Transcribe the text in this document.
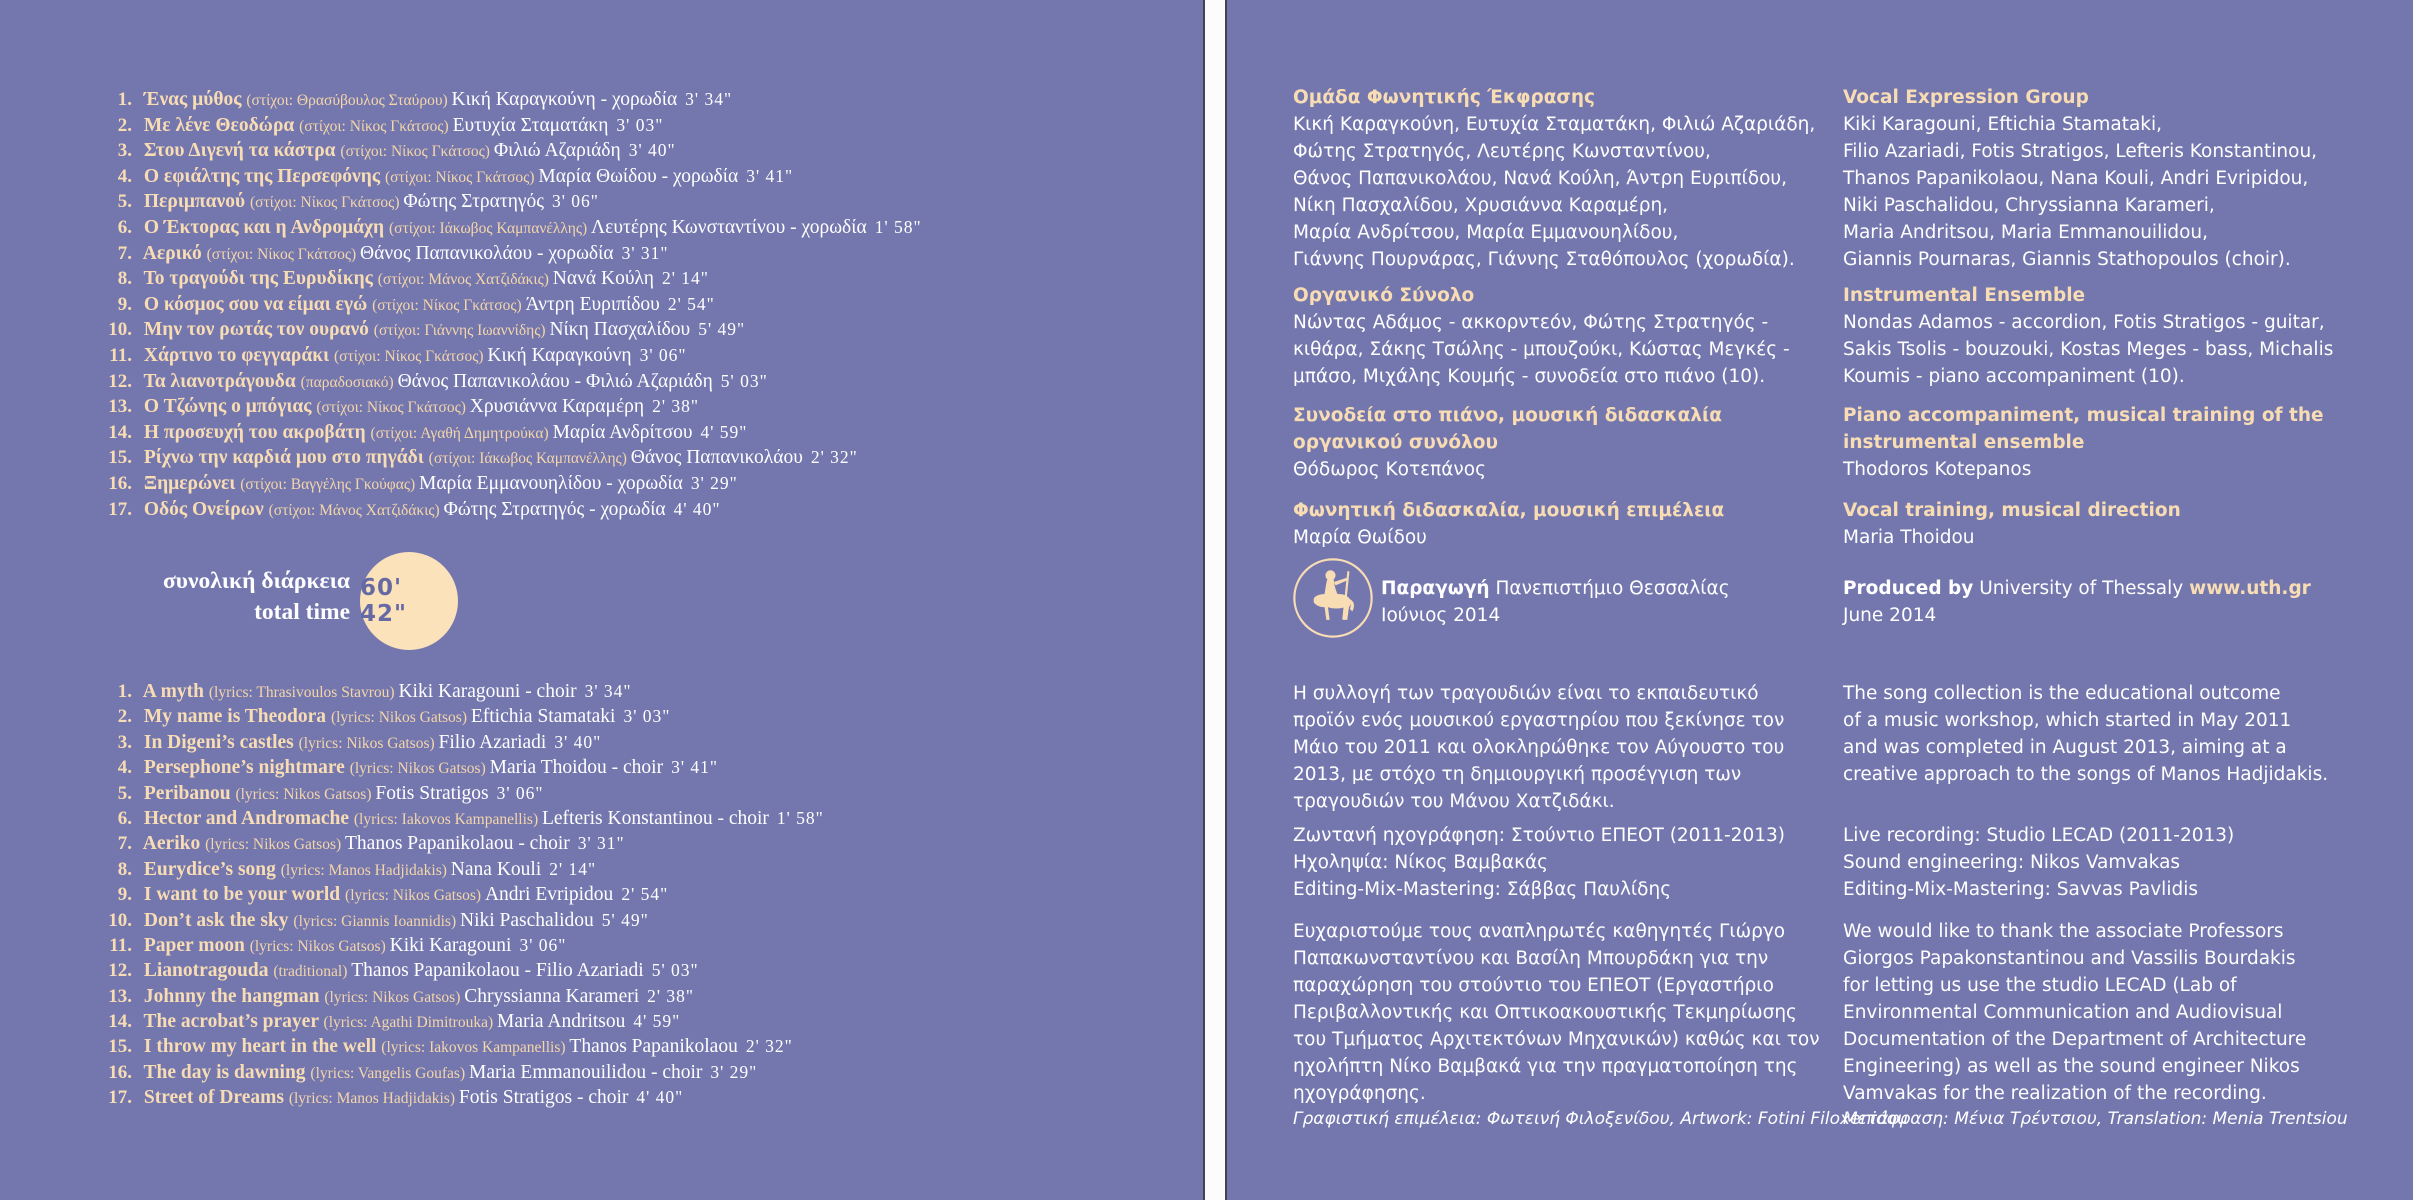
1. Ένας μύθος (στίχοι: Θρασύβουλος Σταύρου) Κική Καραγκούνη - χορωδία 3' 34"
2. Με λένε Θεοδώρα (στίχοι: Νίκος Γκάτσος) Ευτυχία Σταματάκη 3' 03"
3. Στου Διγενή τα κάστρα (στίχοι: Νίκος Γκάτσος) Φιλιώ Αζαριάδη 3' 40"
4. Ο εφιάλτης της Περσεφόνης (στίχοι: Νίκος Γκάτσος) Μαρία Θωίδου - χορωδία 3' 41"
5. Περιμπανού (στίχοι: Νίκος Γκάτσος) Φώτης Στρατηγός 3' 06"
6. Ο Έκτορας και η Ανδρομάχη (στίχοι: Ιάκωβος Καμπανέλλης) Λευτέρης Κωνσταντίνου - χορωδία 1' 58"
7. Αερικό (στίχοι: Νίκος Γκάτσος) Θάνος Παπανικολάου - χορωδία 3' 31"
8. Το τραγούδι της Ευρυδίκης (στίχοι: Μάνος Χατζιδάκις) Νανά Κούλη 2' 14"
9. Ο κόσμος σου να είμαι εγώ (στίχοι: Νίκος Γκάτσος) Άντρη Ευριπίδου 2' 54"
10. Μην τον ρωτάς τον ουρανό (στίχοι: Γιάννης Ιωαννίδης) Νίκη Πασχαλίδου 5' 49"
11. Χάρτινο το φεγγαράκι (στίχοι: Νίκος Γκάτσος) Κική Καραγκούνη 3' 06"
12. Τα λιανοτράγουδα (παραδοσιακό) Θάνος Παπανικολάου - Φιλιώ Αζαριάδη 5' 03"
13. Ο Τζώνης ο μπόγιας (στίχοι: Νίκος Γκάτσος) Χρυσιάννα Καραμέρη 2' 38"
14. Η προσευχή του ακροβάτη (στίχοι: Αγαθή Δημητρούκα) Μαρία Ανδρίτσου 4' 59"
15. Ρίχνω την καρδιά μου στο πηγάδι (στίχοι: Ιάκωβος Καμπανέλλης) Θάνος Παπανικολάου 2' 32"
16. Ξημερώνει (στίχοι: Βαγγέλης Γκούφας) Μαρία Εμμανουηλίδου - χορωδία 3' 29"
17. Οδός Ονείρων (στίχοι: Μάνος Χατζιδάκις) Φώτης Στρατηγός - χορωδία 4' 40"
συνολική διάρκεια
total time
60' 42"
1. A myth (lyrics: Thrasivoulos Stavrou) Kiki Karagouni - choir 3' 34"
2. My name is Theodora (lyrics: Nikos Gatsos) Eftichia Stamataki 3' 03"
3. In Digeni’s castles (lyrics: Nikos Gatsos) Filio Azariadi 3' 40"
4. Persephone’s nightmare (lyrics: Nikos Gatsos) Maria Thoidou - choir 3' 41"
5. Peribanou (lyrics: Nikos Gatsos) Fotis Stratigos 3' 06"
6. Hector and Andromache (lyrics: Iakovos Kampanellis) Lefteris Konstantinou - choir 1' 58"
7. Aeriko (lyrics: Nikos Gatsos) Thanos Papanikolaou - choir 3' 31"
8. Eurydice’s song (lyrics: Manos Hadjidakis) Nana Kouli 2' 14"
9. I want to be your world (lyrics: Nikos Gatsos) Andri Evripidou 2' 54"
10. Don’t ask the sky (lyrics: Giannis Ioannidis) Niki Paschalidou 5' 49"
11. Paper moon (lyrics: Nikos Gatsos) Kiki Karagouni 3' 06"
12. Lianotragouda (traditional) Thanos Papanikolaou - Filio Azariadi 5' 03"
13. Johnny the hangman (lyrics: Nikos Gatsos) Chryssianna Karameri 2' 38"
14. The acrobat’s prayer (lyrics: Agathi Dimitrouka) Maria Andritsou 4' 59"
15. I throw my heart in the well (lyrics: Iakovos Kampanellis) Thanos Papanikolaou 2' 32"
16. The day is dawning (lyrics: Vangelis Goufas) Maria Emmanouilidou - choir 3' 29"
17. Street of Dreams (lyrics: Manos Hadjidakis) Fotis Stratigos - choir 4' 40"
Ομάδα Φωνητικής Έκφρασης
Κική Καραγκούνη, Ευτυχία Σταματάκη, Φιλιώ Αζαριάδη,
Φώτης Στρατηγός, Λευτέρης Κωνσταντίνου,
Θάνος Παπανικολάου, Νανά Κούλη, Άντρη Ευριπίδου,
Νίκη Πασχαλίδου, Χρυσιάννα Καραμέρη,
Μαρία Ανδρίτσου, Μαρία Εμμανουηλίδου,
Γιάννης Πουρνάρας, Γιάννης Σταθόπουλος (χορωδία).
Οργανικό Σύνολο
Νώντας Αδάμος - ακκορντεόν, Φώτης Στρατηγός -
κιθάρα, Σάκης Τσώλης - μπουζούκι, Κώστας Μεγκές -
μπάσο, Μιχάλης Κουμής - συνοδεία στο πιάνο (10).
Συνοδεία στο πιάνο, μουσική διδασκαλία
οργανικού συνόλου
Θόδωρος Κοτεπάνος
Φωνητική διδασκαλία, μουσική επιμέλεια
Μαρία Θωίδου
Παραγωγή Πανεπιστήμιο Θεσσαλίας
Ιούνιος 2014
Η συλλογή των τραγουδιών είναι το εκπαιδευτικό
προϊόν ενός μουσικού εργαστηρίου που ξεκίνησε τον
Μάιο του 2011 και ολοκληρώθηκε τον Αύγουστο του
2013, με στόχο τη δημιουργική προσέγγιση των
τραγουδιών του Μάνου Χατζιδάκι.
Ζωντανή ηχογράφηση: Στούντιο ΕΠΕΟΤ (2011-2013)
Ηχοληψία: Νίκος Βαμβακάς
Editing-Mix-Mastering: Σάββας Παυλίδης
Ευχαριστούμε τους αναπληρωτές καθηγητές Γιώργο
Παπακωνσταντίνου και Βασίλη Μπουρδάκη για την
παραχώρηση του στούντιο του ΕΠΕΟΤ (Εργαστήριο
Περιβαλλοντικής και Οπτικοακουστικής Τεκμηρίωσης
του Τμήματος Αρχιτεκτόνων Μηχανικών) καθώς και τον
ηχολήπτη Νίκο Βαμβακά για την πραγματοποίηση της
ηχογράφησης.
Γραφιστική επιμέλεια: Φωτεινή Φιλοξενίδου, Artwork: Fotini Filoxenidou
Vocal Expression Group
Kiki Karagouni, Eftichia Stamataki,
Filio Azariadi, Fotis Stratigos, Lefteris Konstantinou,
Thanos Papanikolaou, Nana Kouli, Andri Evripidou,
Niki Paschalidou, Chryssianna Karameri,
Maria Andritsou, Maria Emmanouilidou,
Giannis Pournaras, Giannis Stathopoulos (choir).
Instrumental Ensemble
Nondas Adamos - accordion, Fotis Stratigos - guitar,
Sakis Tsolis - bouzouki, Kostas Meges - bass, Michalis
Koumis - piano accompaniment (10).
Piano accompaniment, musical training of the
instrumental ensemble
Thodoros Kotepanos
Vocal training, musical direction
Maria Thoidou
Produced by University of Thessaly www.uth.gr
June 2014
The song collection is the educational outcome
of a music workshop, which started in May 2011
and was completed in August 2013, aiming at a
creative approach to the songs of Manos Hadjidakis.
Live recording: Studio LECAD (2011-2013)
Sound engineering: Nikos Vamvakas
Editing-Mix-Mastering: Savvas Pavlidis
We would like to thank the associate Professors
Giorgos Papakonstantinou and Vassilis Bourdakis
for letting us use the studio LECAD (Lab of
Environmental Communication and Audiovisual
Documentation of the Department of Architecture
Engineering) as well as the sound engineer Nikos
Vamvakas for the realization of the recording.
Μετάφραση: Μένια Τρέντσιου, Translation: Menia Trentsiou
